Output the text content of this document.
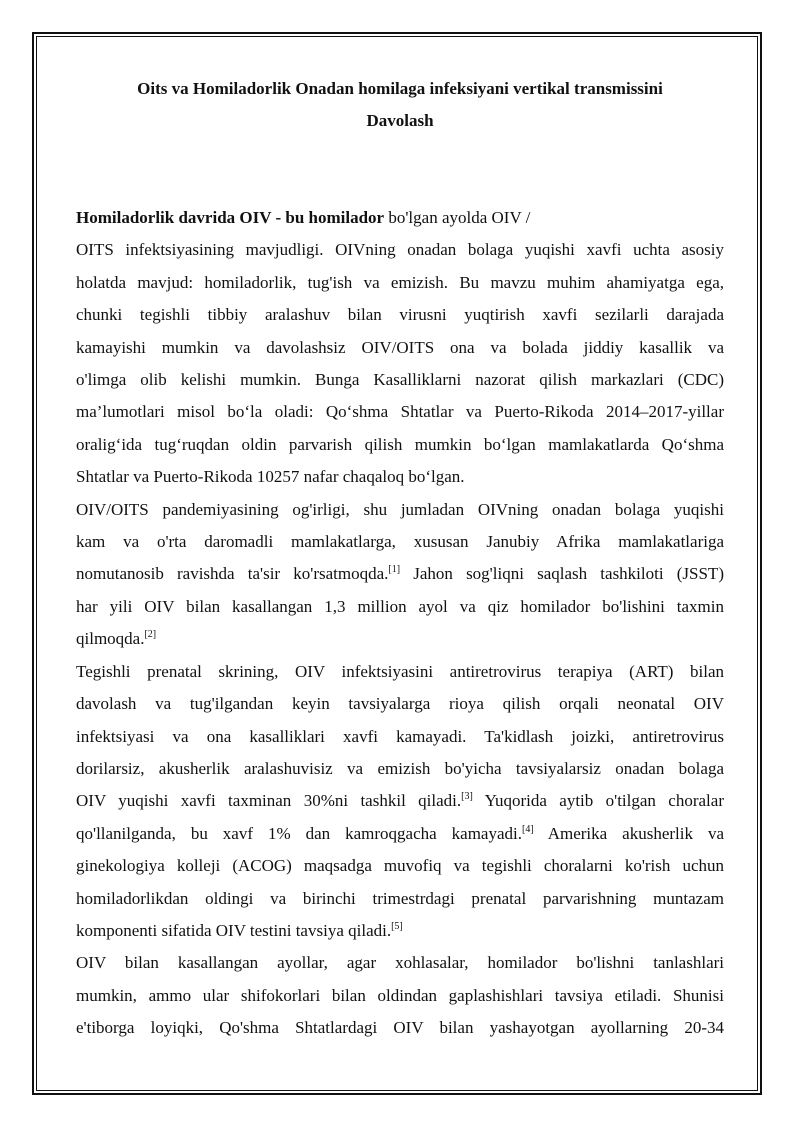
Oits va Homiladorlik Onadan homilaga infeksiyani vertikal transmissini
Davolash
Homiladorlik davrida OIV - bu homilador bo'lgan ayolda OIV /
OITS infektsiyasining mavjudligi. OIVning onadan bolaga yuqishi xavfi uchta asosiy
holatda mavjud: homiladorlik, tug'ish va emizish. Bu mavzu muhim ahamiyatga ega,
chunki tegishli tibbiy aralashuv bilan virusni yuqtirish xavfi sezilarli darajada
kamayishi mumkin va davolashsiz OIV/OITS ona va bolada jiddiy kasallik va
o'limga olib kelishi mumkin. Bunga Kasalliklarni nazorat qilish markazlari (CDC)
ma’lumotlari misol bo‘la oladi: Qo‘shma Shtatlar va Puerto-Rikoda 2014–2017-yillar
oralig‘ida tug‘ruqdan oldin parvarish qilish mumkin bo‘lgan mamlakatlarda Qo‘shma
Shtatlar va Puerto-Rikoda 10257 nafar chaqaloq bo‘lgan.
OIV/OITS pandemiyasining og'irligi, shu jumladan OIVning onadan bolaga yuqishi
kam va o'rta daromadli mamlakatlarga, xususan Janubiy Afrika mamlakatlariga
nomutanosib ravishda ta'sir ko'rsatmoqda.[1] Jahon sog'liqni saqlash tashkiloti (JSST)
har yili OIV bilan kasallangan 1,3 million ayol va qiz homilador bo'lishini taxmin
qilmoqda.[2]
Tegishli prenatal skrining, OIV infektsiyasini antiretrovirus terapiya (ART) bilan
davolash va tug'ilgandan keyin tavsiyalarga rioya qilish orqali neonatal OIV
infektsiyasi va ona kasalliklari xavfi kamayadi. Ta'kidlash joizki, antiretrovirus
dorilarsiz, akusherlik aralashuvisiz va emizish bo'yicha tavsiyalarsiz onadan bolaga
OIV yuqishi xavfi taxminan 30%ni tashkil qiladi.[3] Yuqorida aytib o'tilgan choralar
qo'llanilganda, bu xavf 1% dan kamroqgacha kamayadi.[4] Amerika akusherlik va
ginekologiya kolleji (ACOG) maqsadga muvofiq va tegishli choralarni ko'rish uchun
homiladorlikdan oldingi va birinchi trimestrdagi prenatal parvarishning muntazam
komponenti sifatida OIV testini tavsiya qiladi.[5]
OIV bilan kasallangan ayollar, agar xohlasalar, homilador bo'lishni tanlashlari
mumkin, ammo ular shifokorlari bilan oldindan gaplashishlari tavsiya etiladi. Shunisi
e'tiborga loyiqki, Qo'shma Shtatlardagi OIV bilan yashayotgan ayollarning 20-34
